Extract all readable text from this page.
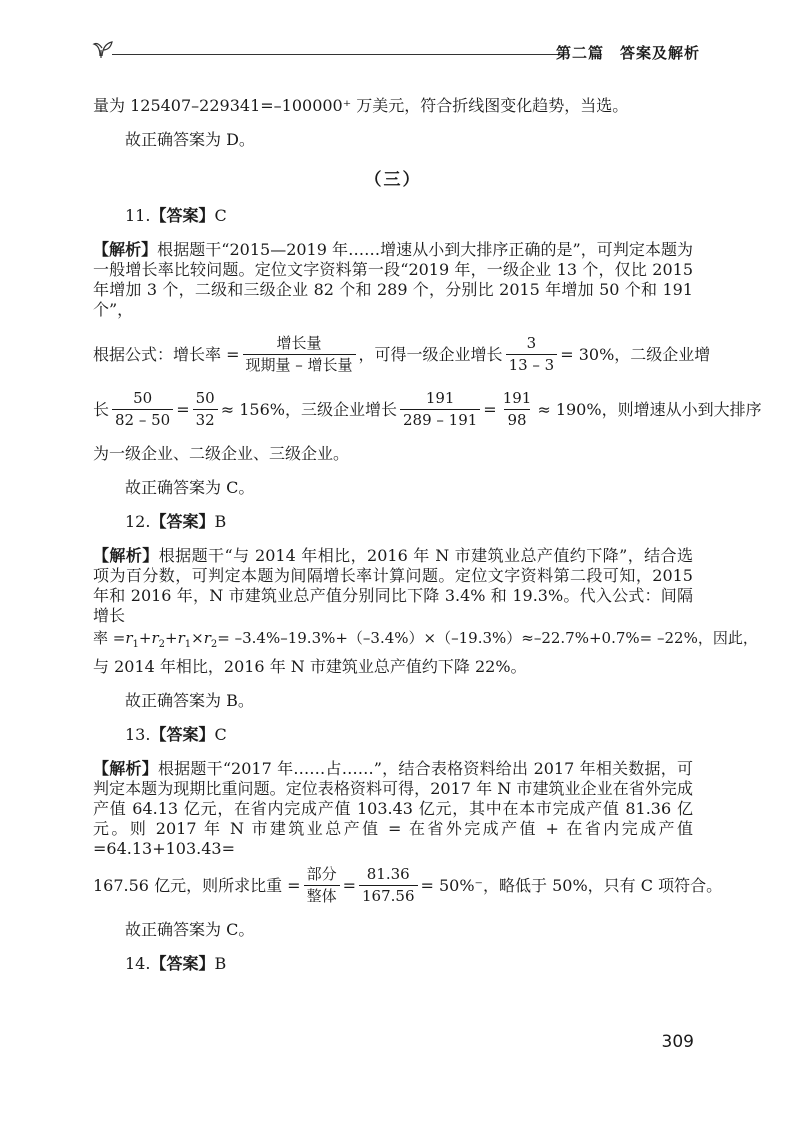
第二篇　答案及解析

量为 125407–229341=–100000⁺ 万美元，符合折线图变化趋势，当选。

故正确答案为 D。

（三）

11.【答案】C

【解析】根据题干“2015—2019 年……增速从小到大排序正确的是”，可判定本题为一般增长率比较问题。定位文字资料第一段“2019 年，一级企业 13 个，仅比 2015 年增加 3 个，二级和三级企业 82 个和 289 个，分别比 2015 年增加 50 个和 191 个”，

根据公式：增长率 = $\frac{\text{增长量}}{\text{现期量 – 增长量}}$ ，可得一级企业增长 $\frac{3}{13 - 3} = 30\%$，二级企业增
长 $\frac{50}{82 - 50} = \frac{50}{32} \approx 156\%$，三级企业增长 $\frac{191}{289 - 191} = \frac{191}{98} \approx 190\%$，则增速从小到大排序

为一级企业、二级企业、三级企业。

故正确答案为 C。

12.【答案】B

【解析】根据题干“与 2014 年相比，2016 年 N 市建筑业总产值约下降”，结合选项为百分数，可判定本题为间隔增长率计算问题。定位文字资料第二段可知，2015 年和 2016 年，N 市建筑业总产值分别同比下降 3.4% 和 19.3%。代入公式：间隔增长

率 $=r_1+r_2+r_1\times r_2= -3.4\%-19.3\%+(-3.4\%)\times(-19.3\%)\approx-22.7\%+0.7\%= -22\%$，因此，

与 2014 年相比，2016 年 N 市建筑业总产值约下降 22%。

故正确答案为 B。

13.【答案】C

【解析】根据题干“2017 年……占……”，结合表格资料给出 2017 年相关数据，可判定本题为现期比重问题。定位表格资料可得，2017 年 N 市建筑业企业在省外完成产值 64.13 亿元，在省内完成产值 103.43 亿元，其中在本市完成产值 81.36 亿元。则 2017 年 N 市建筑业总产值 = 在省外完成产值 + 在省内完成产值 =64.13+103.43=

167.56 亿元，则所求比重 = $\frac{\text{部分}}{\text{整体}} = \frac{81.36}{167.56} = 50\%^-$，略低于 50%，只有 C 项符合。

故正确答案为 C。

14.【答案】B

309
